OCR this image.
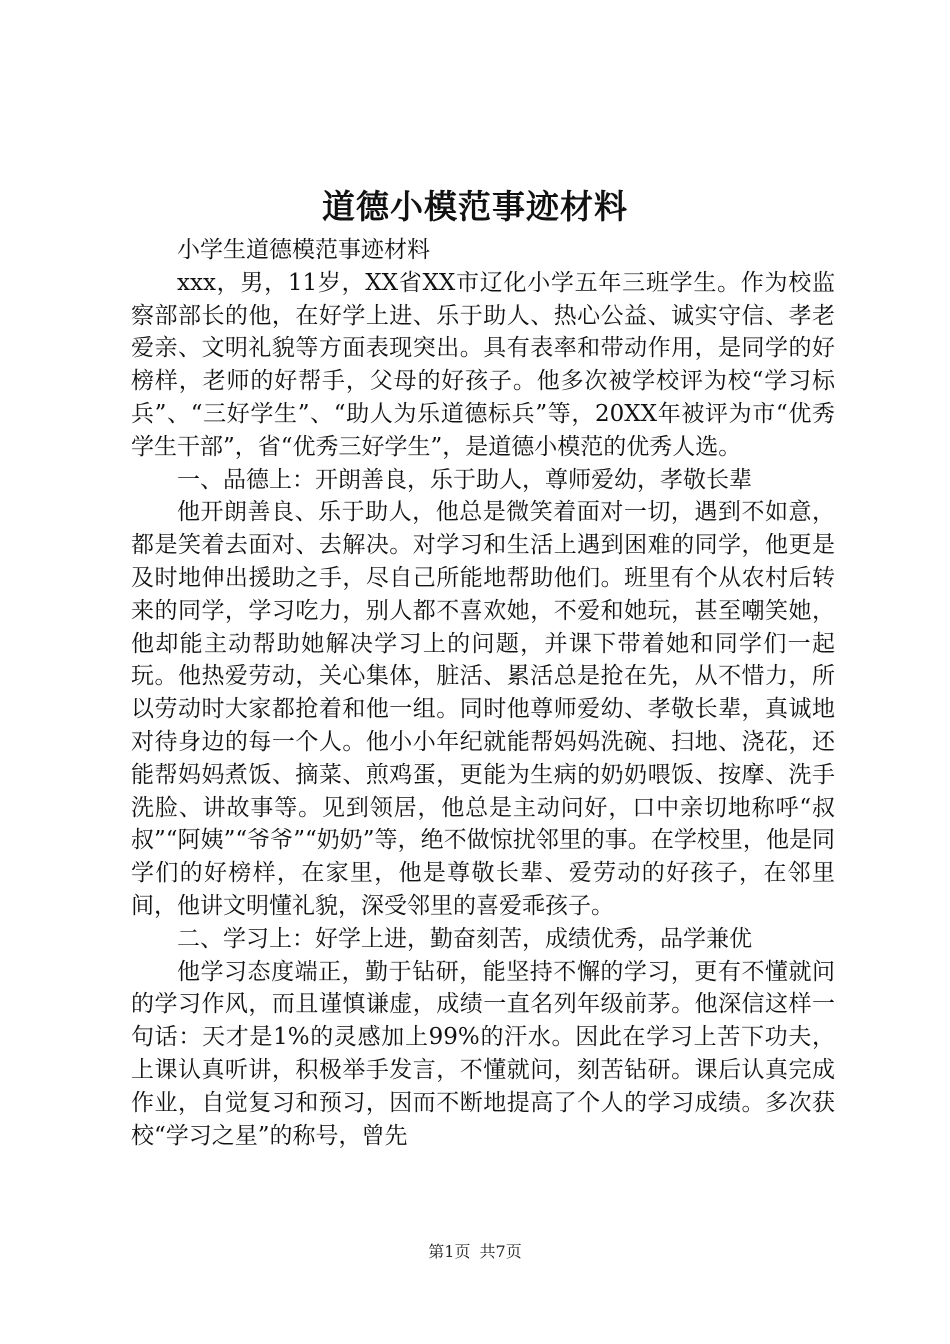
道德小模范事迹材料

小学生道德模范事迹材料

xxx，男，11岁，XX省XX市辽化小学五年三班学生。作为校监察部部长的他，在好学上进、乐于助人、热心公益、诚实守信、孝老爱亲、文明礼貌等方面表现突出。具有表率和带动作用，是同学的好榜样，老师的好帮手，父母的好孩子。他多次被学校评为校“学习标兵”、“三好学生”、“助人为乐道德标兵”等，20XX年被评为市“优秀学生干部”，省“优秀三好学生”，是道德小模范的优秀人选。

一、品德上：开朗善良，乐于助人，尊师爱幼，孝敬长辈

他开朗善良、乐于助人，他总是微笑着面对一切，遇到不如意，都是笑着去面对、去解决。对学习和生活上遇到困难的同学，他更是及时地伸出援助之手，尽自己所能地帮助他们。班里有个从农村后转来的同学，学习吃力，别人都不喜欢她，不爱和她玩，甚至嘲笑她，他却能主动帮助她解决学习上的问题，并课下带着她和同学们一起玩。他热爱劳动，关心集体，脏活、累活总是抢在先，从不惜力，所以劳动时大家都抢着和他一组。同时他尊师爱幼、孝敬长辈，真诚地对待身边的每一个人。他小小年纪就能帮妈妈洗碗、扫地、浇花，还能帮妈妈煮饭、摘菜、煎鸡蛋，更能为生病的奶奶喂饭、按摩、洗手洗脸、讲故事等。见到领居，他总是主动问好，口中亲切地称呼“叔叔”“阿姨”“爷爷”“奶奶”等，绝不做惊扰邻里的事。在学校里，他是同学们的好榜样，在家里，他是尊敬长辈、爱劳动的好孩子，在邻里间，他讲文明懂礼貌，深受邻里的喜爱乖孩子。

二、学习上：好学上进，勤奋刻苦，成绩优秀，品学兼优

他学习态度端正，勤于钻研，能坚持不懈的学习，更有不懂就问的学习作风，而且谨慎谦虚，成绩一直名列年级前茅。他深信这样一句话：天才是1%的灵感加上99%的汗水。因此在学习上苦下功夫，上课认真听讲，积极举手发言，不懂就问，刻苦钻研。课后认真完成作业，自觉复习和预习，因而不断地提高了个人的学习成绩。多次获校“学习之星”的称号，曾先

第1页 共7页
